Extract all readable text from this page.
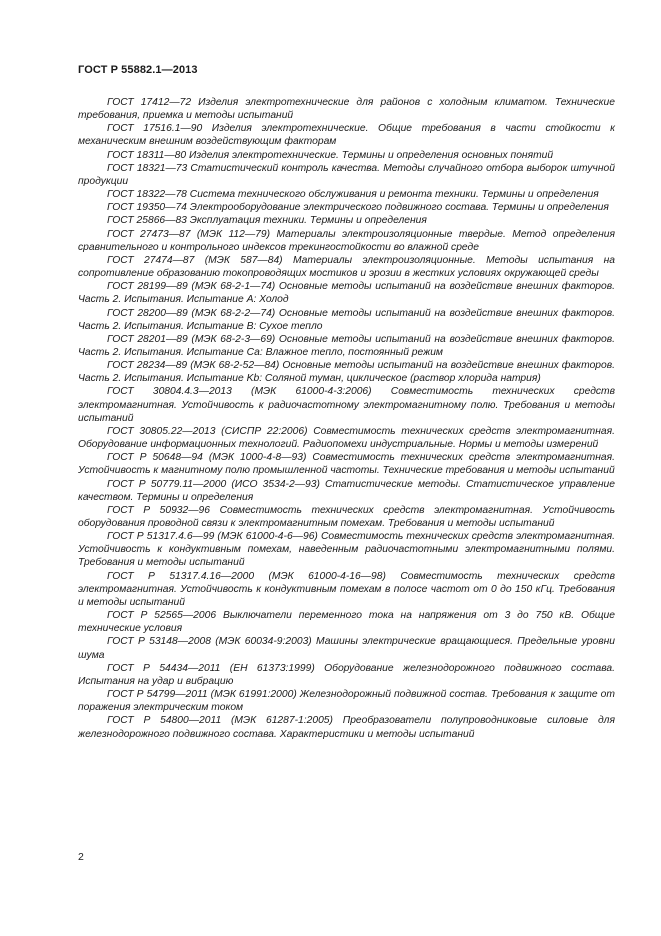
ГОСТ Р 55882.1—2013

ГОСТ 17412—72 Изделия электротехнические для районов с холодным климатом. Технические требования, приемка и методы испытаний

ГОСТ 17516.1—90 Изделия электротехнические. Общие требования в части стойкости к механическим внешним воздействующим факторам

ГОСТ 18311—80 Изделия электротехнические. Термины и определения основных понятий

ГОСТ 18321—73 Статистический контроль качества. Методы случайного отбора выборок штучной продукции

ГОСТ 18322—78 Система технического обслуживания и ремонта техники. Термины и определения

ГОСТ 19350—74 Электрооборудование электрического подвижного состава. Термины и определения

ГОСТ 25866—83 Эксплуатация техники. Термины и определения

ГОСТ 27473—87 (МЭК 112—79) Материалы электроизоляционные твердые. Метод определения сравнительного и контрольного индексов трекингостойкости во влажной среде

ГОСТ 27474—87 (МЭК 587—84) Материалы электроизоляционные. Методы испытания на сопротивление образованию токопроводящих мостиков и эрозии в жестких условиях окружающей среды

ГОСТ 28199—89 (МЭК 68-2-1—74) Основные методы испытаний на воздействие внешних факторов. Часть 2. Испытания. Испытание А: Холод

ГОСТ 28200—89 (МЭК 68-2-2—74) Основные методы испытаний на воздействие внешних факторов. Часть 2. Испытания. Испытание В: Сухое тепло

ГОСТ 28201—89 (МЭК 68-2-3—69) Основные методы испытаний на воздействие внешних факторов. Часть 2. Испытания. Испытание Са: Влажное тепло, постоянный режим

ГОСТ 28234—89 (МЭК 68-2-52—84) Основные методы испытаний на воздействие внешних факторов. Часть 2. Испытания. Испытание Kb: Соляной туман, циклическое (раствор хлорида натрия)

ГОСТ 30804.4.3—2013 (МЭК 61000-4-3:2006) Совместимость технических средств электромагнитная. Устойчивость к радиочастотному электромагнитному полю. Требования и методы испытаний

ГОСТ 30805.22—2013 (СИСПР 22:2006) Совместимость технических средств электромагнитная. Оборудование информационных технологий. Радиопомехи индустриальные. Нормы и методы измерений

ГОСТ Р 50648—94 (МЭК 1000-4-8—93) Совместимость технических средств электромагнитная. Устойчивость к магнитному полю промышленной частоты. Технические требования и методы испытаний

ГОСТ Р 50779.11—2000 (ИСО 3534-2—93) Статистические методы. Статистическое управление качеством. Термины и определения

ГОСТ Р 50932—96 Совместимость технических средств электромагнитная. Устойчивость оборудования проводной связи к электромагнитным помехам. Требования и методы испытаний

ГОСТ Р 51317.4.6—99 (МЭК 61000-4-6—96) Совместимость технических средств электромагнитная. Устойчивость к кондуктивным помехам, наведенным радиочастотными электромагнитными полями. Требования и методы испытаний

ГОСТ Р 51317.4.16—2000 (МЭК 61000-4-16—98) Совместимость технических средств электромагнитная. Устойчивость к кондуктивным помехам в полосе частот от 0 до 150 кГц. Требования и методы испытаний

ГОСТ Р 52565—2006 Выключатели переменного тока на напряжения от 3 до 750 кВ. Общие технические условия

ГОСТ Р 53148—2008 (МЭК 60034-9:2003) Машины электрические вращающиеся. Предельные уровни шума

ГОСТ Р 54434—2011 (ЕН 61373:1999) Оборудование железнодорожного подвижного состава. Испытания на удар и вибрацию

ГОСТ Р 54799—2011 (МЭК 61991:2000) Железнодорожный подвижной состав. Требования к защите от поражения электрическим током

ГОСТ Р 54800—2011 (МЭК 61287-1:2005) Преобразователи полупроводниковые силовые для железнодорожного подвижного состава. Характеристики и методы испытаний

2
